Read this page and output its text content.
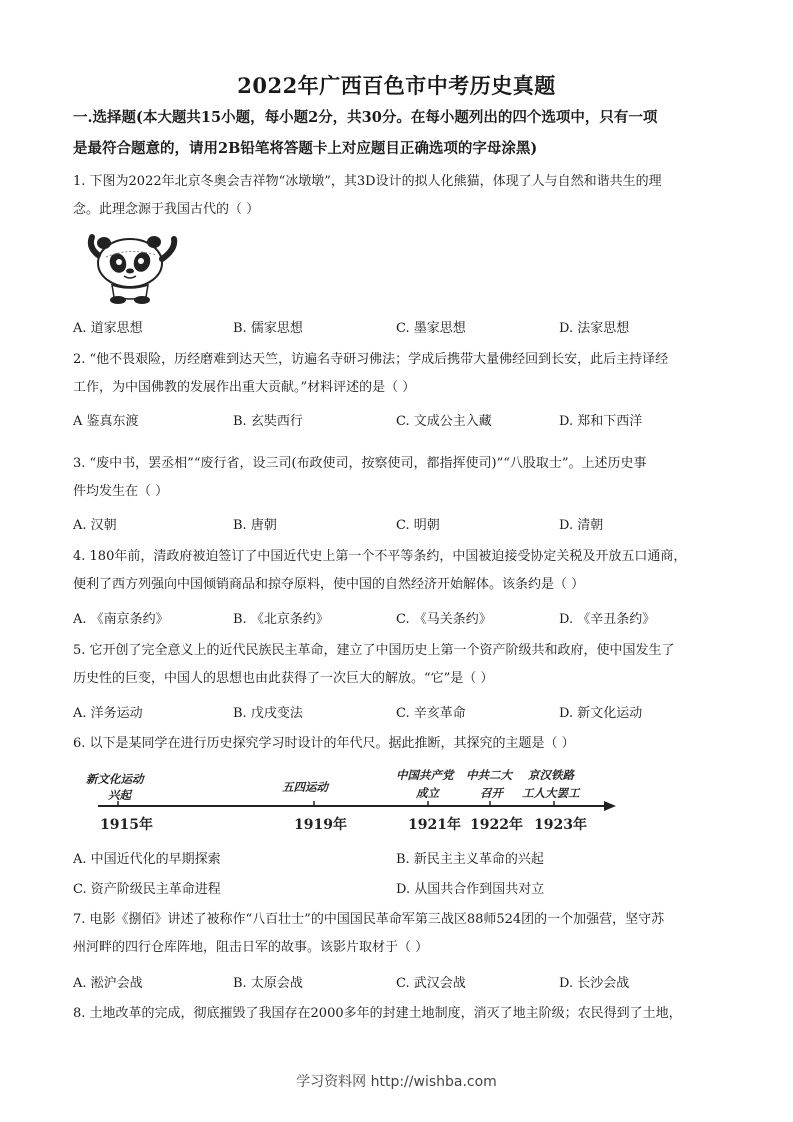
2022年广西百色市中考历史真题
一.选择题(本大题共15小题，每小题2分，共30分。在每小题列出的四个选项中，只有一项
是最符合题意的，请用2B铅笔将答题卡上对应题目正确选项的字母涂黑)
1. 下图为2022年北京冬奥会吉祥物“冰墩墩”，其3D设计的拟人化熊猫，体现了人与自然和谐共生的理
念。此理念源于我国古代的（ ）
A. 道家思想	B. 儒家思想	C. 墨家思想	D. 法家思想
2. “他不畏艰险，历经磨难到达天竺，访遍名寺研习佛法；学成后携带大量佛经回到长安，此后主持译经
工作，为中国佛教的发展作出重大贡献。”材料评述的是（ ）
A 鉴真东渡	B. 玄奘西行	C. 文成公主入藏	D. 郑和下西洋
3. “废中书，罢丞相”“废行省，设三司(布政使司，按察使司，都指挥使司)”“八股取士”。上述历史事
件均发生在（ ）
A. 汉朝	B. 唐朝	C. 明朝	D. 清朝
4. 180年前，清政府被迫签订了中国近代史上第一个不平等条约，中国被迫接受协定关税及开放五口通商，
便利了西方列强向中国倾销商品和掠夺原料，使中国的自然经济开始解体。该条约是（ ）
A. 《南京条约》	B. 《北京条约》	C. 《马关条约》	D. 《辛丑条约》
5. 它开创了完全意义上的近代民族民主革命，建立了中国历史上第一个资产阶级共和政府，使中国发生了
历史性的巨变，中国人的思想也由此获得了一次巨大的解放。“它”是（ ）
A. 洋务运动	B. 戊戌变法	C. 辛亥革命	D. 新文化运动
6. 以下是某同学在进行历史探究学习时设计的年代尺。据此推断，其探究的主题是（ ）
新文化运动
兴起
1915年
五四运动
1919年
中国共产党
成立
1921年
中共二大
召开
1922年
京汉铁路
工人大罢工
1923年
A. 中国近代化的早期探索	B. 新民主主义革命的兴起
C. 资产阶级民主革命进程	D. 从国共合作到国共对立
7. 电影《捌佰》讲述了被称作“八百壮士”的中国国民革命军第三战区88师524团的一个加强营，坚守苏
州河畔的四行仓库阵地，阻击日军的故事。该影片取材于（ ）
A. 淞沪会战	B. 太原会战	C. 武汉会战	D. 长沙会战
8. 土地改革的完成，彻底摧毁了我国存在2000多年的封建土地制度，消灭了地主阶级；农民得到了土地，
学习资料网 http://wishba.com
